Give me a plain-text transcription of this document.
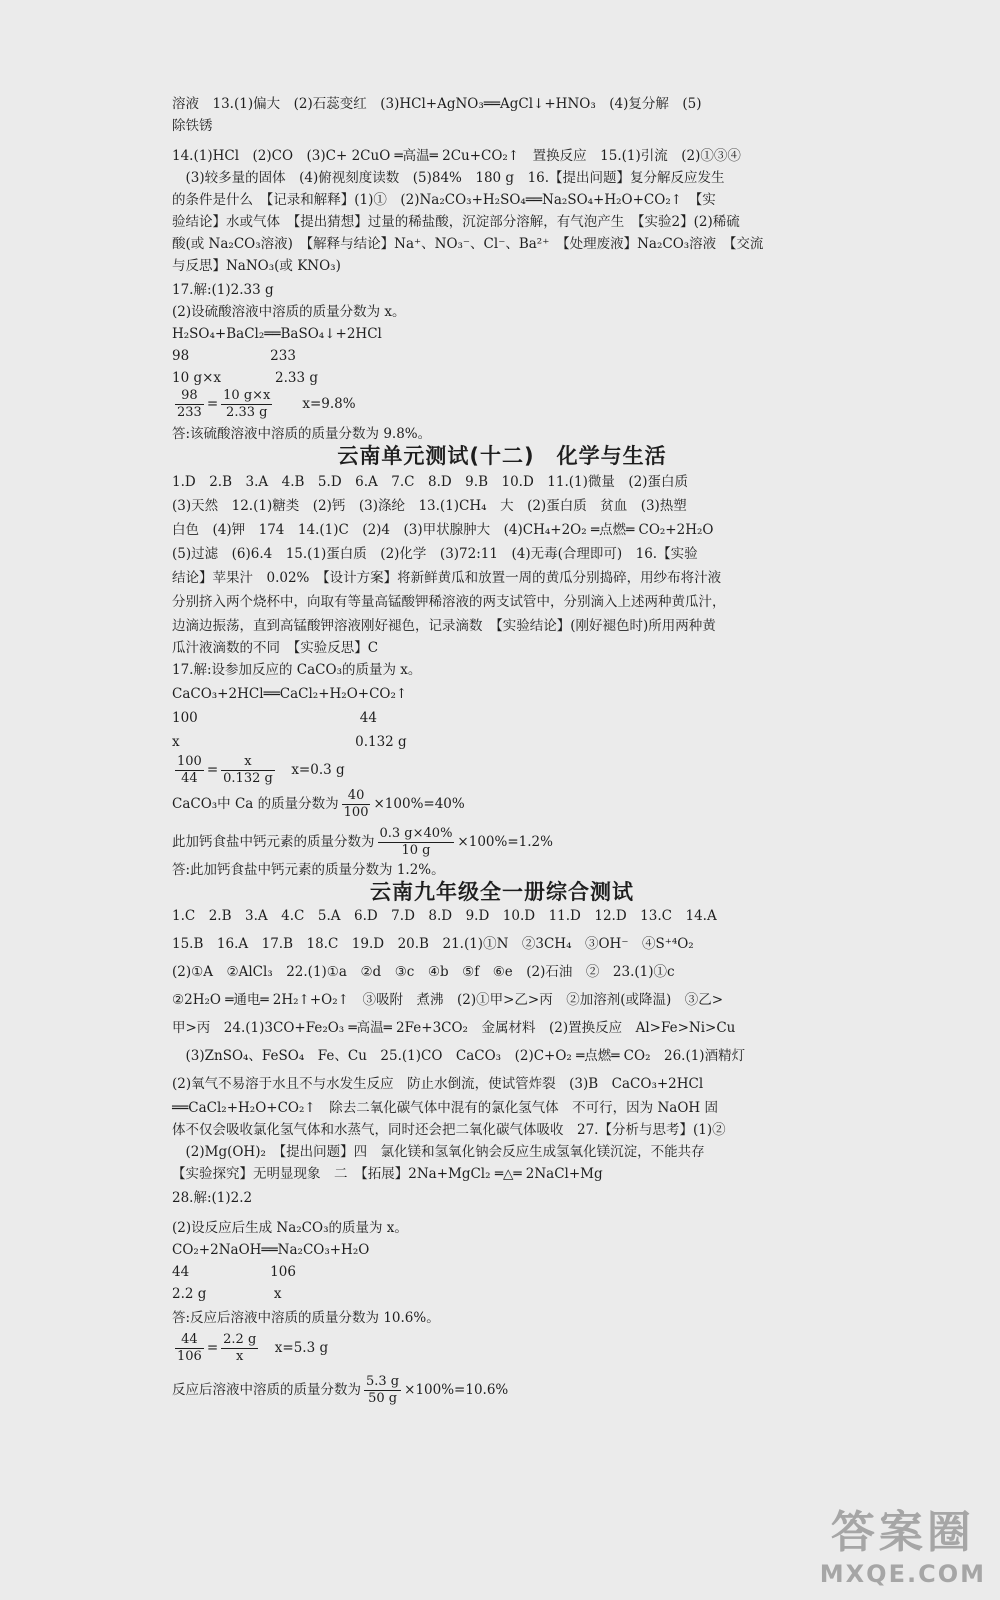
溶液　13.(1)偏大　(2)石蕊变红　(3)HCl+AgNO₃══AgCl↓+HNO₃　(4)复分解　(5)
除铁锈
14.(1)HCl　(2)CO　(3)C+ 2CuO ═高温═ 2Cu+CO₂↑　置换反应　15.(1)引流　(2)①③④
　(3)较多量的固体　(4)俯视刻度读数　(5)84%　180 g　16.【提出问题】复分解反应发生
的条件是什么　【记录和解释】(1)①　(2)Na₂CO₃+H₂SO₄══Na₂SO₄+H₂O+CO₂↑　【实
验结论】水或气体　【提出猜想】过量的稀盐酸，沉淀部分溶解，有气泡产生　【实验2】(2)稀硫
酸(或 Na₂CO₃溶液)　【解释与结论】Na⁺、NO₃⁻、Cl⁻、Ba²⁺　【处理废液】Na₂CO₃溶液　【交流
与反思】NaNO₃(或 KNO₃)
17.解:(1)2.33 g
(2)设硫酸溶液中溶质的质量分数为 x。
H₂SO₄+BaCl₂══BaSO₄↓+2HCl
98　　　　　　233
10 g×x　　　　2.33 g
$\frac{98}{233} = \frac{10 g\times x}{2.33 g}$
　　 x=9.8%
答:该硫酸溶液中溶质的质量分数为 9.8%。
云南单元测试(十二)　化学与生活
1.D　2.B　3.A　4.B　5.D　6.A　7.C　8.D　9.B　10.D　11.(1)微量　(2)蛋白质
(3)天然　12.(1)糖类　(2)钙　(3)涤纶　13.(1)CH₄　大　(2)蛋白质　贫血　(3)热塑
白色　(4)钾　174　14.(1)C　(2)4　(3)甲状腺肿大　(4)CH₄+2O₂ ═点燃═ CO₂+2H₂O
(5)过滤　(6)6.4　15.(1)蛋白质　(2)化学　(3)72:11　(4)无毒(合理即可)　16.【实验
结论】苹果汁　0.02%　【设计方案】将新鲜黄瓜和放置一周的黄瓜分别捣碎，用纱布将汁液
分别挤入两个烧杯中，向取有等量高锰酸钾稀溶液的两支试管中，分别滴入上述两种黄瓜汁，
边滴边振荡，直到高锰酸钾溶液刚好褪色，记录滴数　【实验结论】(刚好褪色时)所用两种黄
瓜汁液滴数的不同　【实验反思】C
17.解:设参加反应的 CaCO₃的质量为 x。
CaCO₃+2HCl══CaCl₂+H₂O+CO₂↑
100　　　　　　　　　　　　44
x　　　　　　　　　　　　　0.132 g
$\frac{100}{44} = \frac{x}{0.132 g}$
　 x=0.3 g
CaCO₃中 Ca 的质量分数为 $\frac{40}{100} \times 100\%=40\%$
此加钙食盐中钙元素的质量分数为 $\frac{0.3 g\times 40\%}{10 g} \times 100\%=1.2\%$
答:此加钙食盐中钙元素的质量分数为 1.2%。
云南九年级全一册综合测试
1.C　2.B　3.A　4.C　5.A　6.D　7.D　8.D　9.D　10.D　11.D　12.D　13.C　14.A
15.B　16.A　17.B　18.C　19.D　20.B　21.(1)①N　②3CH₄　③OH⁻　④S⁺⁴O₂
(2)①A　②AlCl₃　22.(1)①a　②d　③c　④b　⑤f　⑥e　(2)石油　②　23.(1)①c
②2H₂O ═通电═ 2H₂↑+O₂↑　③吸附　煮沸　(2)①甲>乙>丙　②加溶剂(或降温)　③乙>
甲>丙　24.(1)3CO+Fe₂O₃ ═高温═ 2Fe+3CO₂　金属材料　(2)置换反应　Al>Fe>Ni>Cu
　(3)ZnSO₄、FeSO₄　Fe、Cu　25.(1)CO　CaCO₃　(2)C+O₂ ═点燃═ CO₂　26.(1)酒精灯
(2)氧气不易溶于水且不与水发生反应　防止水倒流，使试管炸裂　(3)B　CaCO₃+2HCl
══CaCl₂+H₂O+CO₂↑　除去二氧化碳气体中混有的氯化氢气体　不可行，因为 NaOH 固
体不仅会吸收氯化氢气体和水蒸气，同时还会把二氧化碳气体吸收　27.【分析与思考】(1)②
　(2)Mg(OH)₂　【提出问题】四　氯化镁和氢氧化钠会反应生成氢氧化镁沉淀，不能共存
【实验探究】无明显现象　二　【拓展】2Na+MgCl₂ ═△═ 2NaCl+Mg
28.解:(1)2.2
(2)设反应后生成 Na₂CO₃的质量为 x。
CO₂+2NaOH══Na₂CO₃+H₂O
44　　　　　　106
2.2 g　　　　　x
答:反应后溶液中溶质的质量分数为 10.6%。
$\frac{44}{106} = \frac{2.2 g}{x}$
　 x=5.3 g
反应后溶液中溶质的质量分数为 $\frac{5.3 g}{50 g} \times 100\%=10.6\%$
答案圈
MXQE.COM
